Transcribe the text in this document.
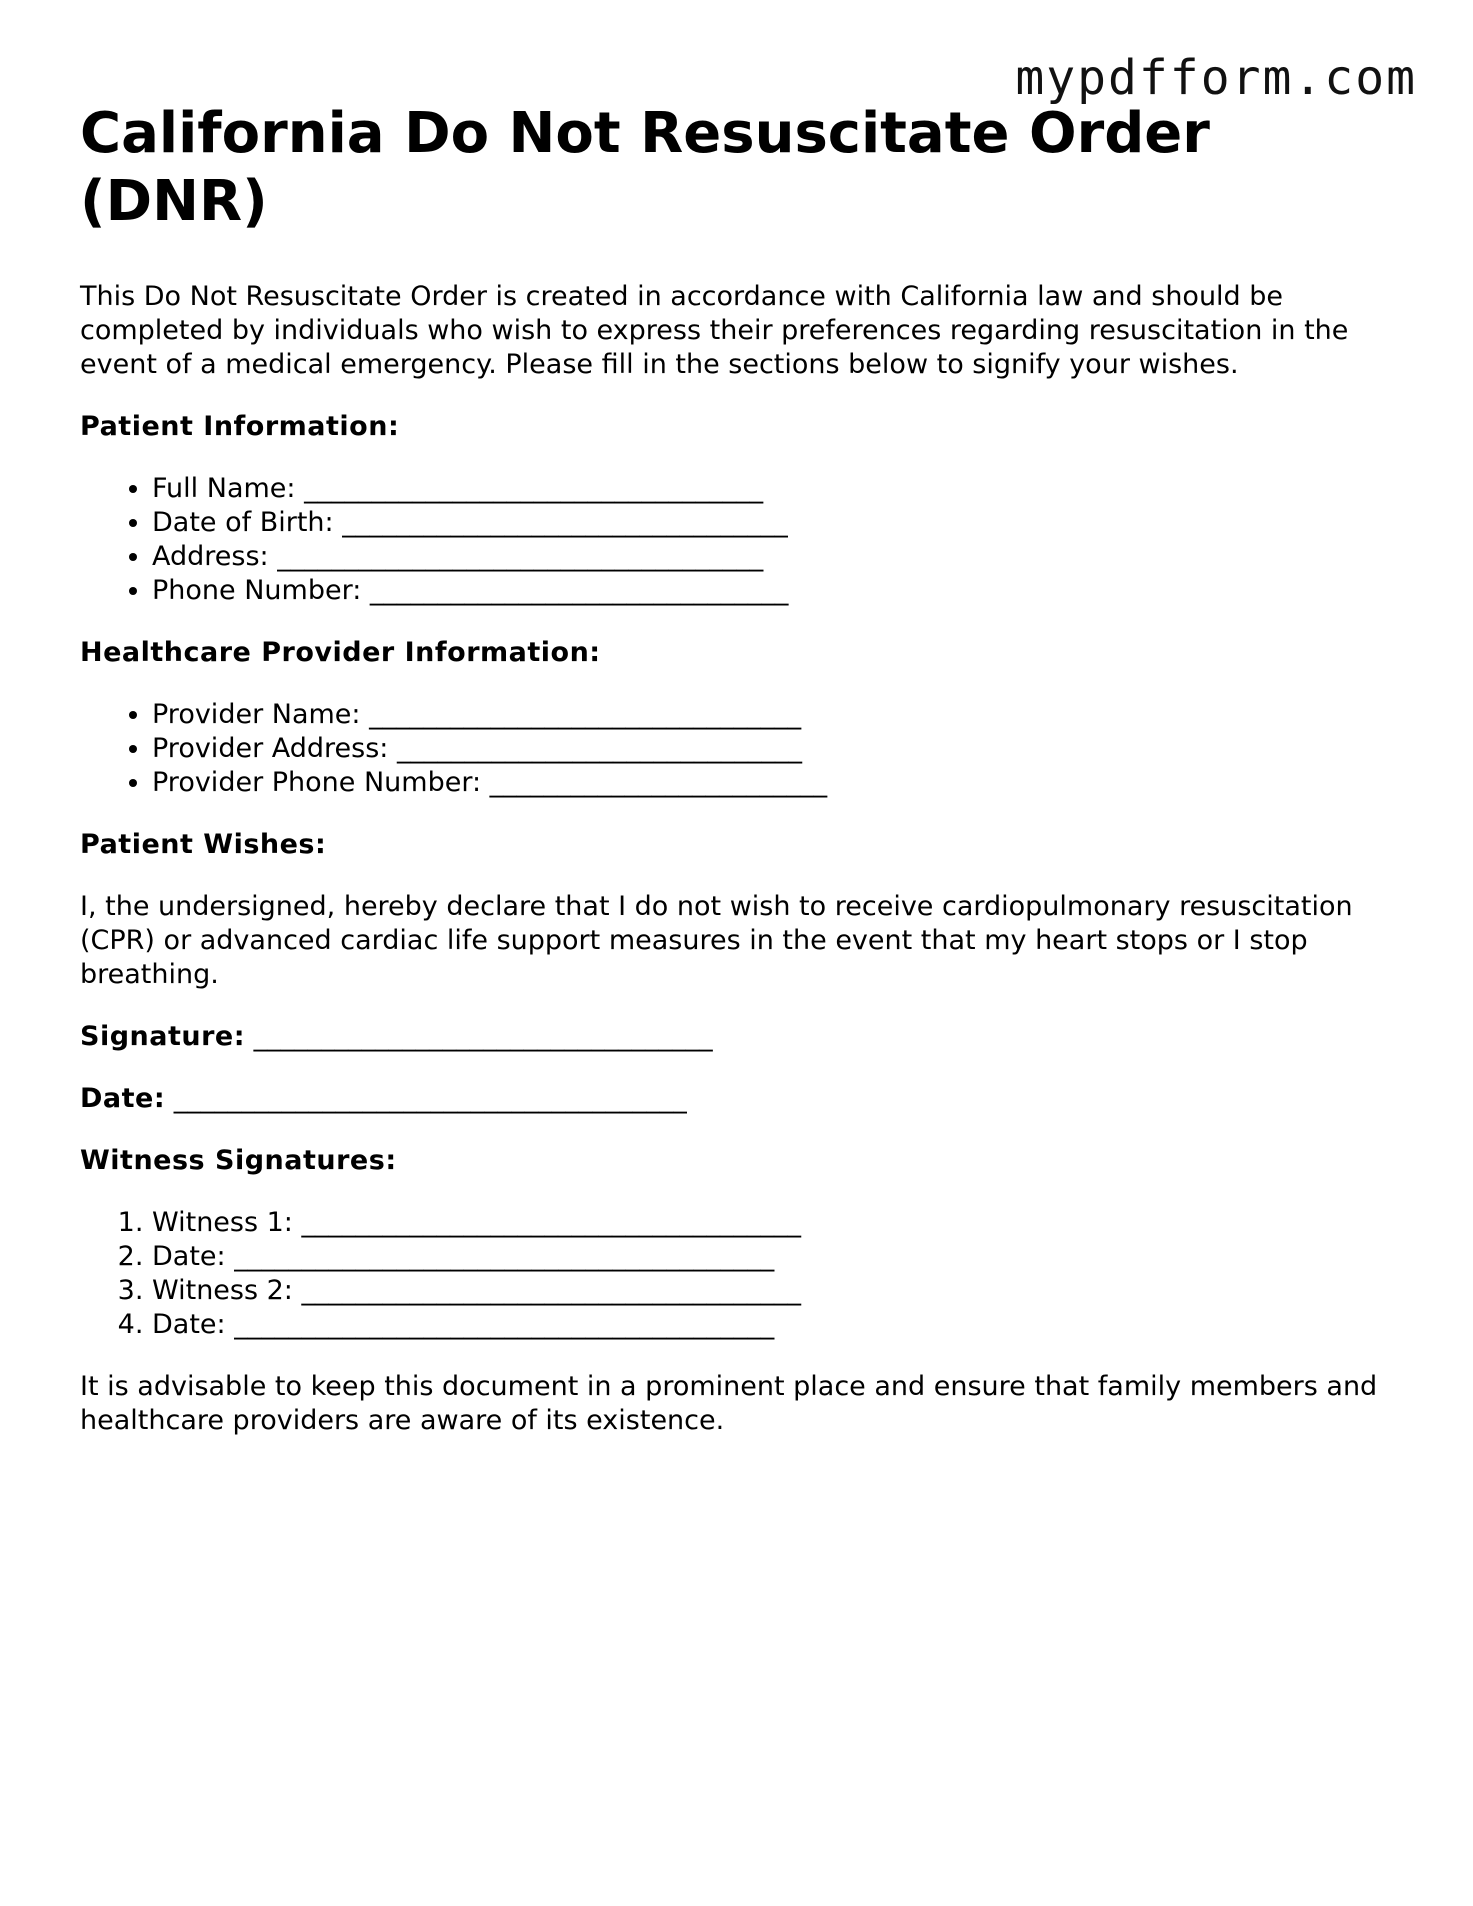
mypdfform.com
California Do Not Resuscitate Order (DNR)

This Do Not Resuscitate Order is created in accordance with California law and should be completed by individuals who wish to express their preferences regarding resuscitation in the event of a medical emergency. Please fill in the sections below to signify your wishes.

Patient Information:
• Full Name: __________________________________
• Date of Birth: _________________________________
• Address: ____________________________________
• Phone Number: _______________________________
Healthcare Provider Information:
• Provider Name: ________________________________
• Provider Address: ______________________________
• Provider Phone Number: _________________________
Patient Wishes:

I, the undersigned, hereby declare that I do not wish to receive cardiopulmonary resuscitation (CPR) or advanced cardiac life support measures in the event that my heart stops or I stop breathing.

Signature: __________________________________
Date: ______________________________________
Witness Signatures:
1. Witness 1: _____________________________________
2. Date: ________________________________________
3. Witness 2: _____________________________________
4. Date: ________________________________________

It is advisable to keep this document in a prominent place and ensure that family members and healthcare providers are aware of its existence.
